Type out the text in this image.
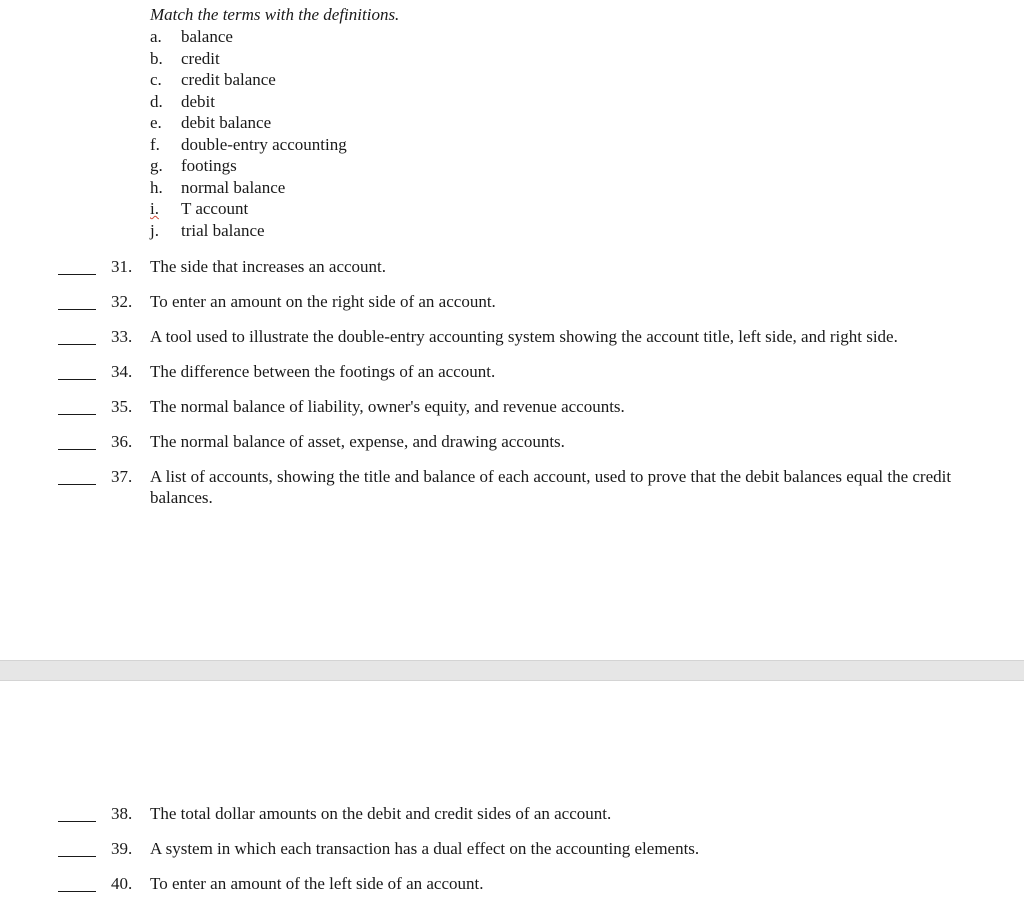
Match the terms with the definitions.
a. balance
b. credit
c. credit balance
d. debit
e. debit balance
f. double-entry accounting
g. footings
h. normal balance
i. T account
j. trial balance
31. The side that increases an account.
32. To enter an amount on the right side of an account.
33. A tool used to illustrate the double-entry accounting system showing the account title, left side, and right side.
34. The difference between the footings of an account.
35. The normal balance of liability, owner's equity, and revenue accounts.
36. The normal balance of asset, expense, and drawing accounts.
37. A list of accounts, showing the title and balance of each account, used to prove that the debit balances equal the credit balances.
38. The total dollar amounts on the debit and credit sides of an account.
39. A system in which each transaction has a dual effect on the accounting elements.
40. To enter an amount of the left side of an account.
